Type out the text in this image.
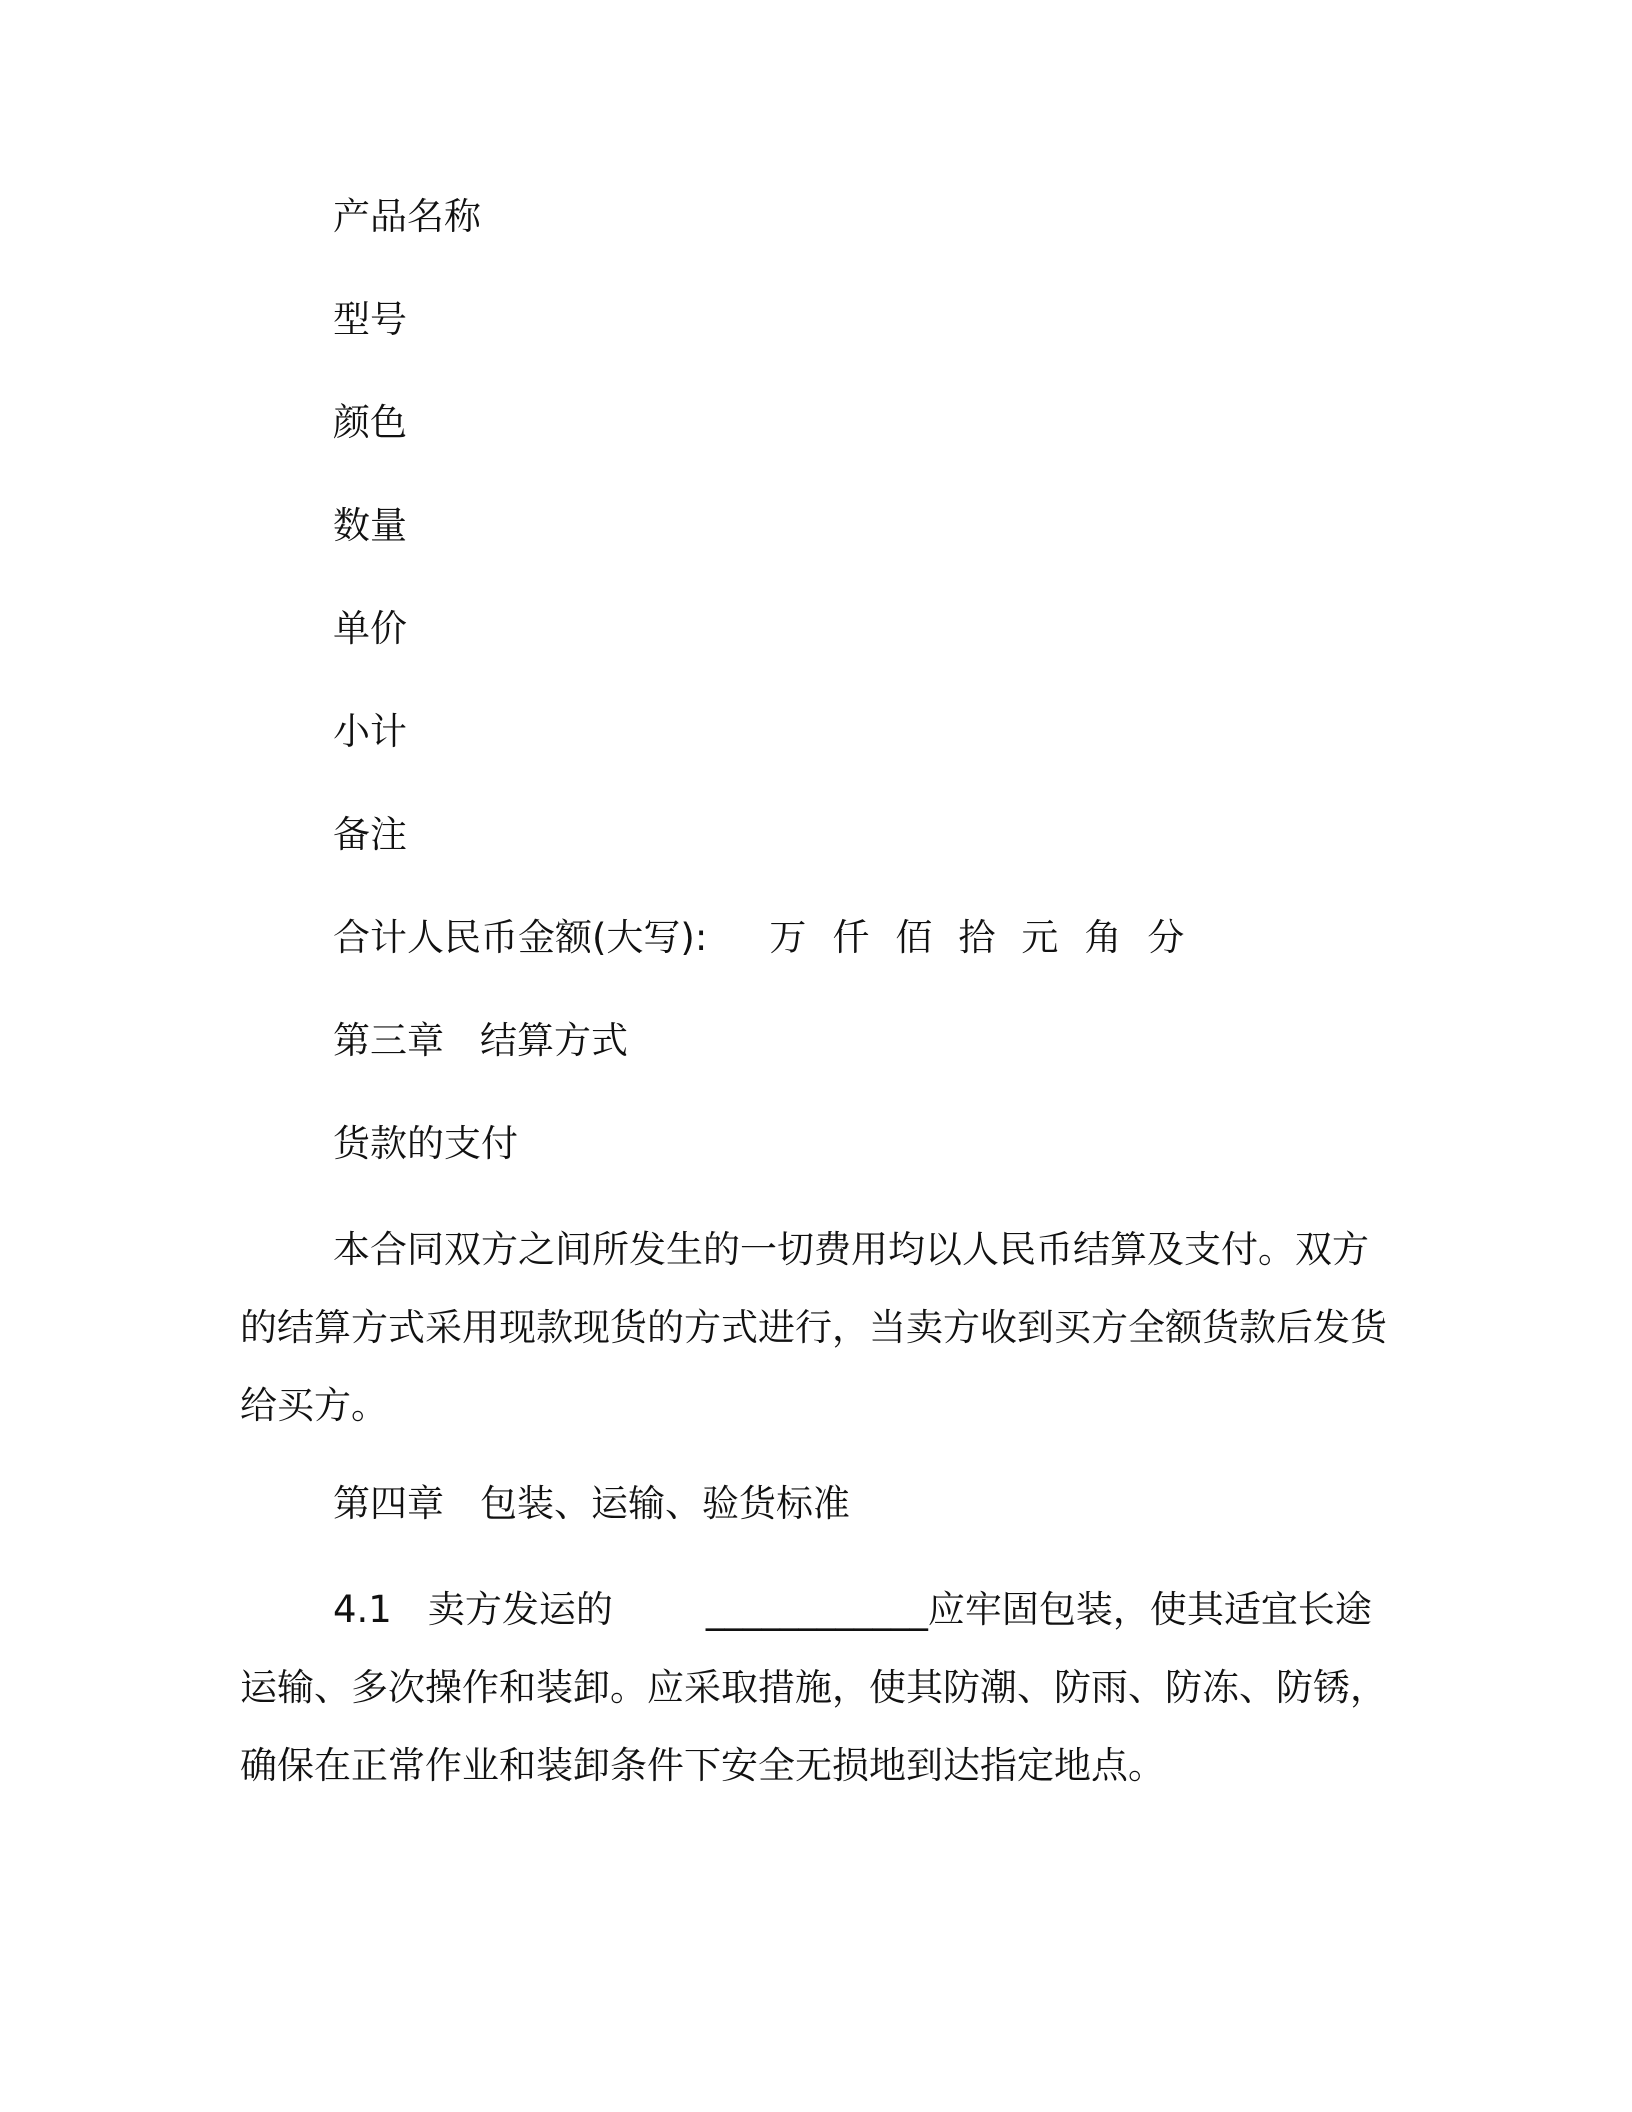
产品名称
型号
颜色
数量
单价
小计
备注
合计人民币金额(大写): 万 仟 佰 拾 元 角 分
第三章 结算方式
货款的支付

本合同双方之间所发生的一切费用均以人民币结算及支付。双方的结算方式采用现款现货的方式进行，当卖方收到买方全额货款后发货给买方。

第四章 包装、运输、验货标准

4.1 卖方发运的	____________应牢固包装，使其适宜长途运输、多次操作和装卸。应采取措施，使其防潮、防雨、防冻、防锈，确保在正常作业和装卸条件下安全无损地到达指定地点。
